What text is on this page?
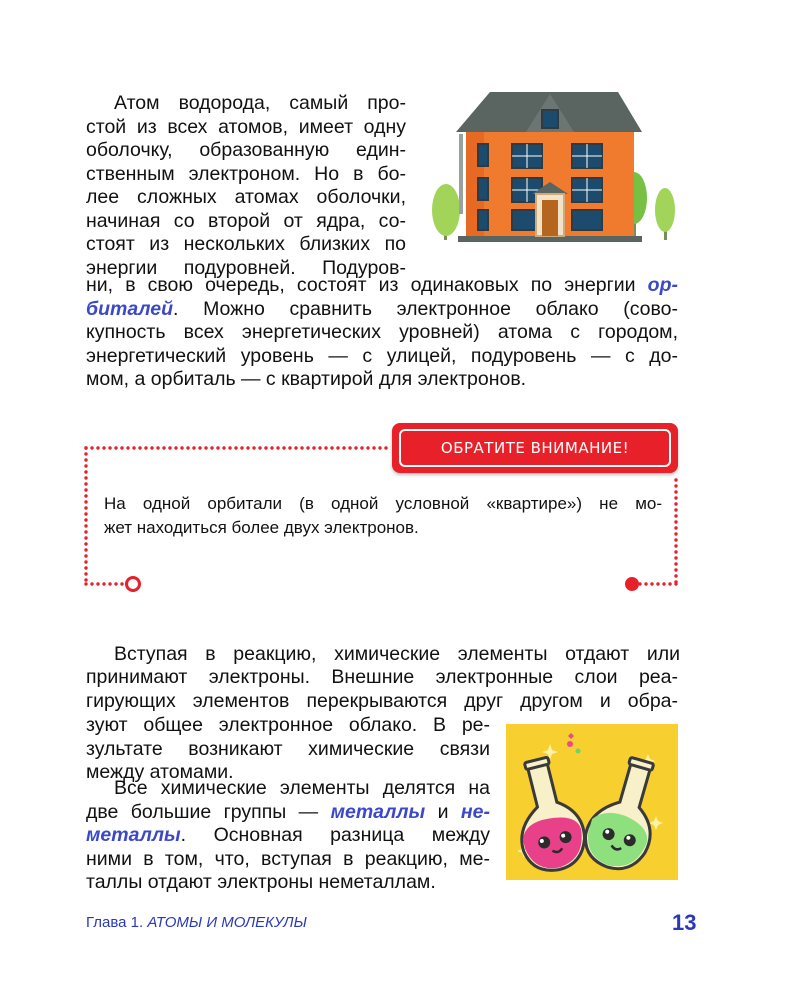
Атом водорода, самый про-
стой из всех атомов, имеет одну
оболочку, образованную един-
ственным электроном. Но в бо-
лее сложных атомах оболочки,
начиная со второй от ядра, со-
стоят из нескольких близких по
энергии подуровней. Подуров-
ни, в свою очередь, состоят из одинаковых по энергии ор-
биталей. Можно сравнить электронное облако (сово-
купность всех энергетических уровней) атома с городом,
энергетический уровень — с улицей, подуровень — с до-
мом, а орбиталь — с квартирой для электронов.
ОБРАТИТЕ ВНИМАНИЕ!
На одной орбитали (в одной условной «квартире») не мо-
жет находиться более двух электронов.
Вступая в реакцию, химические элементы отдают или
принимают электроны. Внешние электронные слои реа-
гирующих элементов перекрываются друг другом и обра-
зуют общее электронное облако. В ре-
зультате возникают химические связи
между атомами.
Все химические элементы делятся на
две большие группы — металлы и не-
металлы. Основная разница между
ними в том, что, вступая в реакцию, ме-
таллы отдают электроны неметаллам.
Глава 1. АТОМЫ И МОЛЕКУЛЫ	13
